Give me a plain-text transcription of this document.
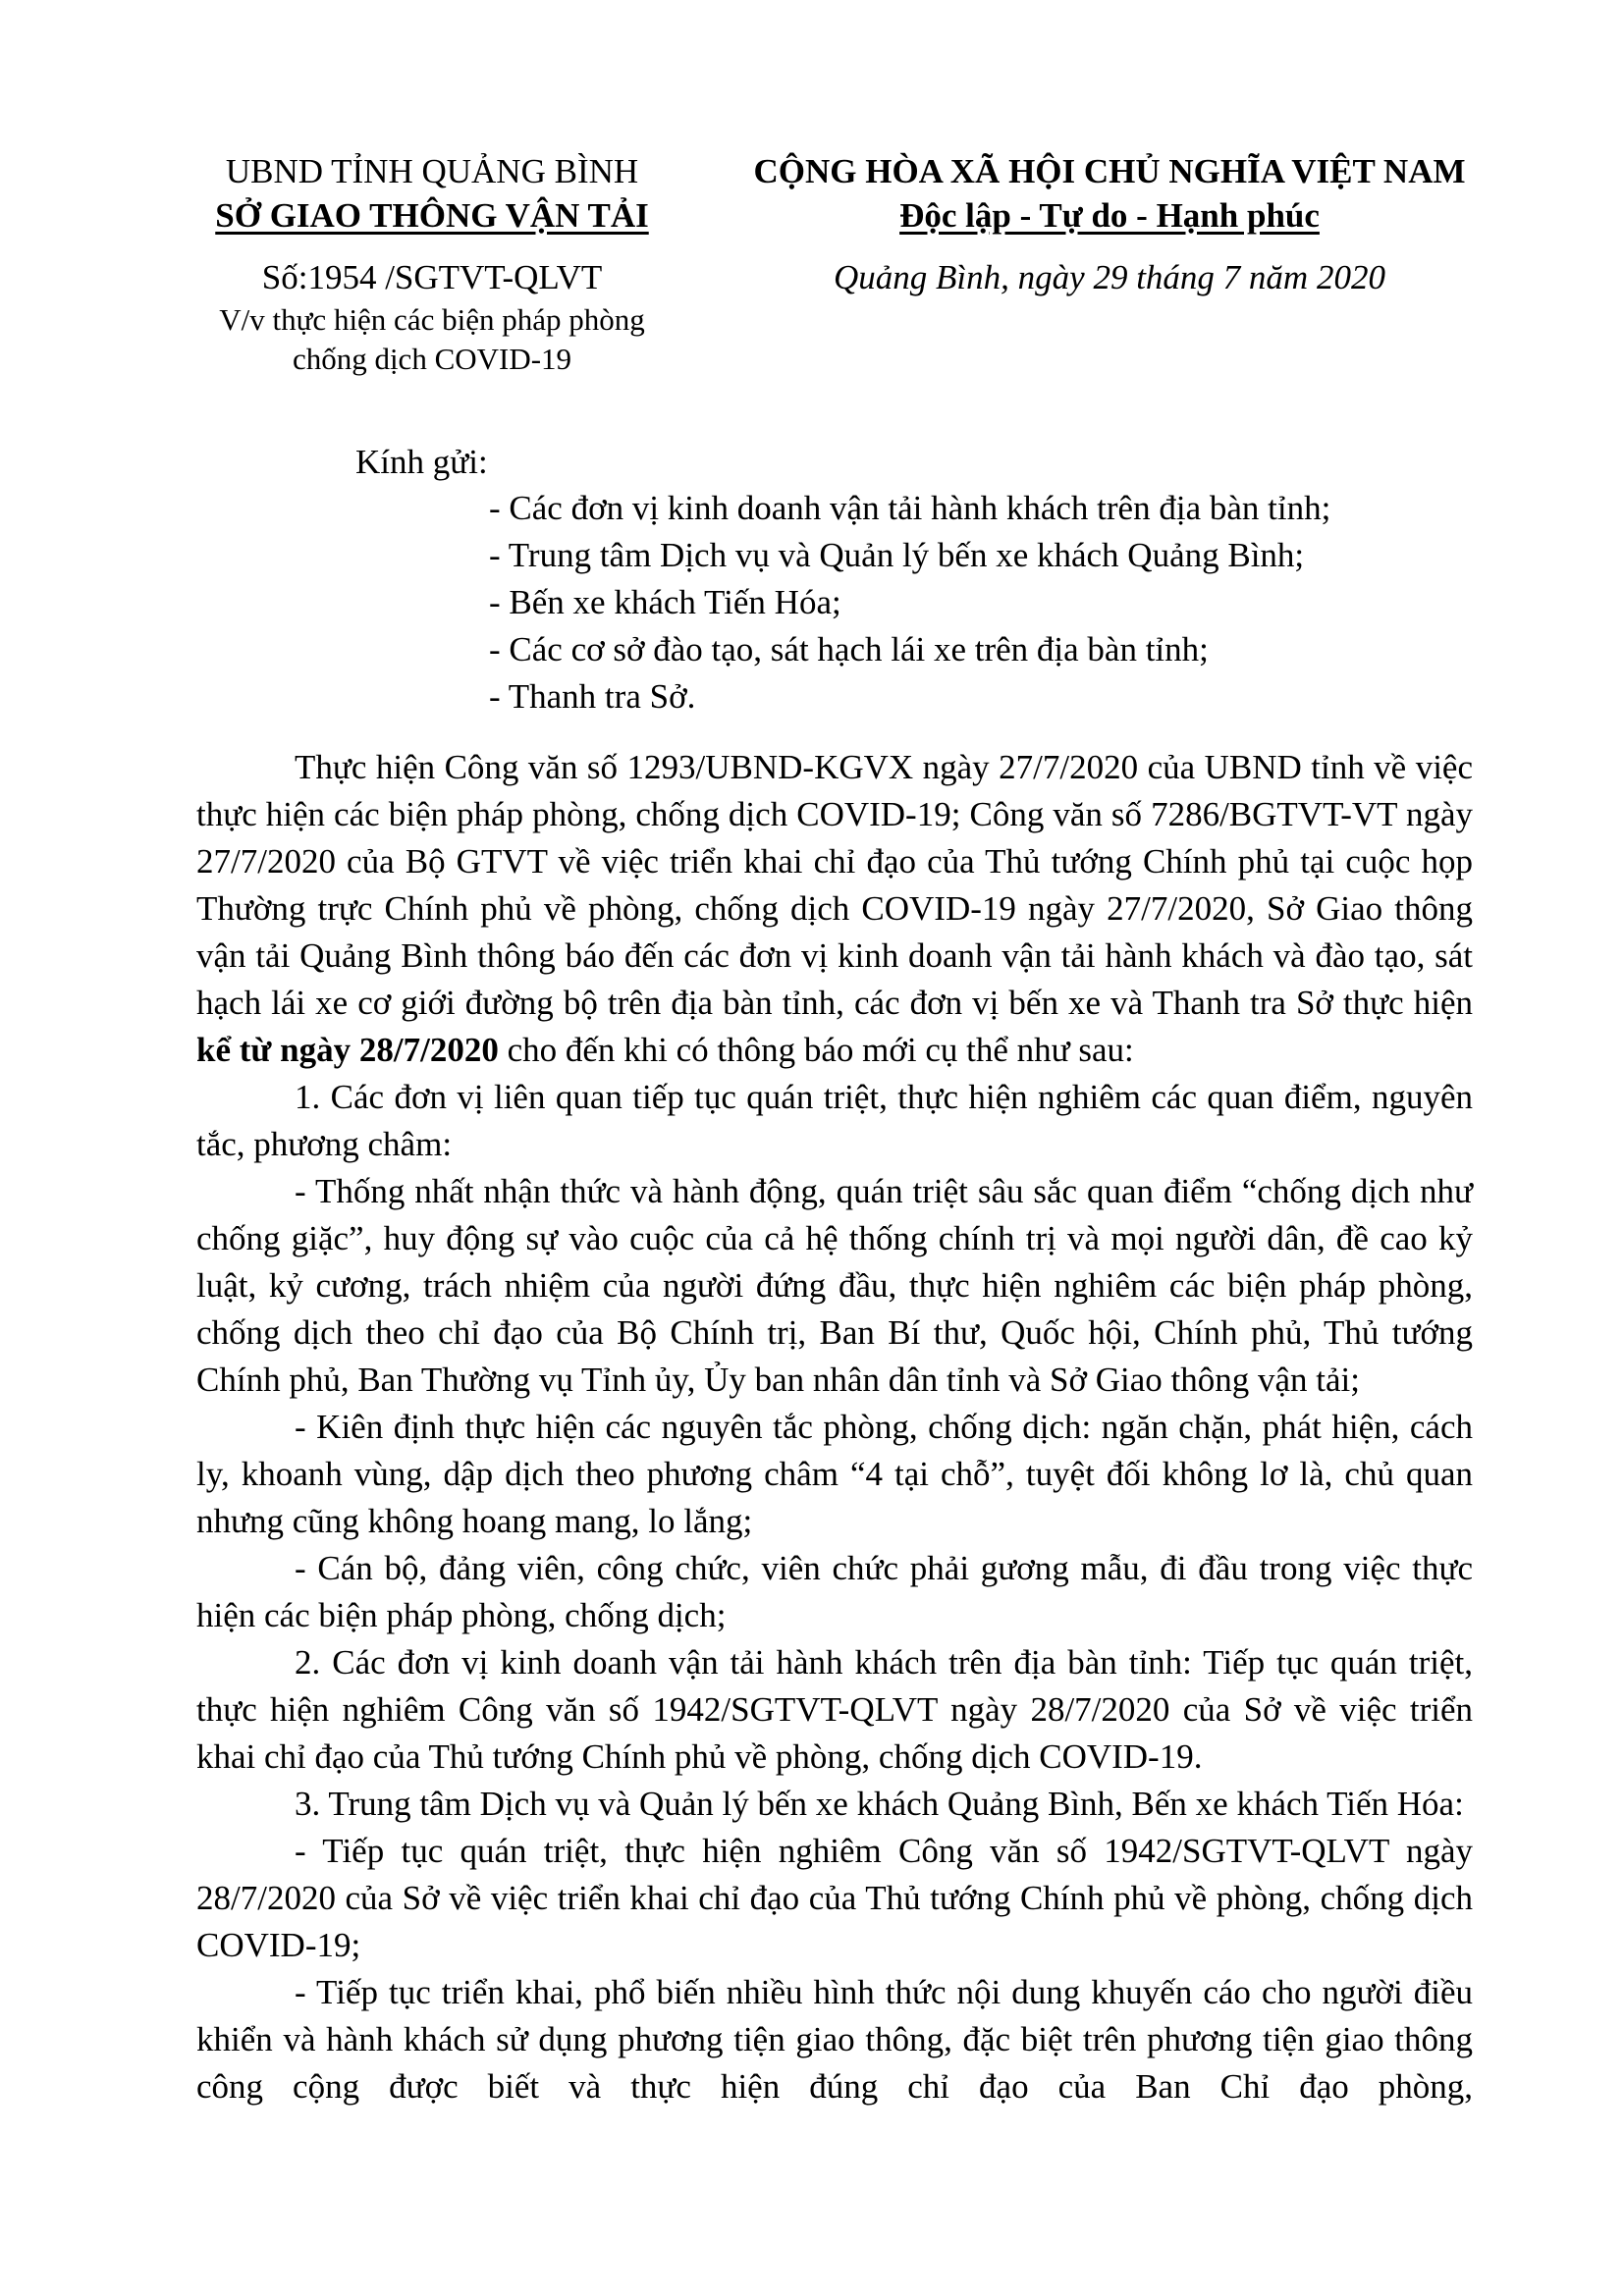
UBND TỈNH QUẢNG BÌNH
SỞ GIAO THÔNG VẬN TẢI
CỘNG HÒA XÃ HỘI CHỦ NGHĨA VIỆT NAM
Độc lập - Tự do - Hạnh phúc
Số:1954 /SGTVT-QLVT
V/v thực hiện các biện pháp phòng
chống dịch COVID-19
Quảng Bình, ngày 29 tháng 7 năm 2020
Kính gửi:
- Các đơn vị kinh doanh vận tải hành khách trên địa bàn tỉnh;
- Trung tâm Dịch vụ và Quản lý bến xe khách Quảng Bình;
- Bến xe khách Tiến Hóa;
- Các cơ sở đào tạo, sát hạch lái xe trên địa bàn tỉnh;
- Thanh tra Sở.

Thực hiện Công văn số 1293/UBND-KGVX ngày 27/7/2020 của UBND tỉnh về việc thực hiện các biện pháp phòng, chống dịch COVID-19; Công văn số 7286/BGTVT-VT ngày 27/7/2020 của Bộ GTVT về việc triển khai chỉ đạo của Thủ tướng Chính phủ tại cuộc họp Thường trực Chính phủ về phòng, chống dịch COVID-19 ngày 27/7/2020, Sở Giao thông vận tải Quảng Bình thông báo đến các đơn vị kinh doanh vận tải hành khách và đào tạo, sát hạch lái xe cơ giới đường bộ trên địa bàn tỉnh, các đơn vị bến xe và Thanh tra Sở thực hiện kể từ ngày 28/7/2020 cho đến khi có thông báo mới cụ thể như sau:

1. Các đơn vị liên quan tiếp tục quán triệt, thực hiện nghiêm các quan điểm, nguyên tắc, phương châm:

- Thống nhất nhận thức và hành động, quán triệt sâu sắc quan điểm “chống dịch như chống giặc”, huy động sự vào cuộc của cả hệ thống chính trị và mọi người dân, đề cao kỷ luật, kỷ cương, trách nhiệm của người đứng đầu, thực hiện nghiêm các biện pháp phòng, chống dịch theo chỉ đạo của Bộ Chính trị, Ban Bí thư, Quốc hội, Chính phủ, Thủ tướng Chính phủ, Ban Thường vụ Tỉnh ủy, Ủy ban nhân dân tỉnh và Sở Giao thông vận tải;

- Kiên định thực hiện các nguyên tắc phòng, chống dịch: ngăn chặn, phát hiện, cách ly, khoanh vùng, dập dịch theo phương châm “4 tại chỗ”, tuyệt đối không lơ là, chủ quan nhưng cũng không hoang mang, lo lắng;

- Cán bộ, đảng viên, công chức, viên chức phải gương mẫu, đi đầu trong việc thực hiện các biện pháp phòng, chống dịch;

2. Các đơn vị kinh doanh vận tải hành khách trên địa bàn tỉnh: Tiếp tục quán triệt, thực hiện nghiêm Công văn số 1942/SGTVT-QLVT ngày 28/7/2020 của Sở về việc triển khai chỉ đạo của Thủ tướng Chính phủ về phòng, chống dịch COVID-19.

3. Trung tâm Dịch vụ và Quản lý bến xe khách Quảng Bình, Bến xe khách Tiến Hóa:

- Tiếp tục quán triệt, thực hiện nghiêm Công văn số 1942/SGTVT-QLVT ngày 28/7/2020 của Sở về việc triển khai chỉ đạo của Thủ tướng Chính phủ về phòng, chống dịch COVID-19;

- Tiếp tục triển khai, phổ biến nhiều hình thức nội dung khuyến cáo cho người điều khiển và hành khách sử dụng phương tiện giao thông, đặc biệt trên phương tiện giao thông công cộng được biết và thực hiện đúng chỉ đạo của Ban Chỉ đạo phòng,
